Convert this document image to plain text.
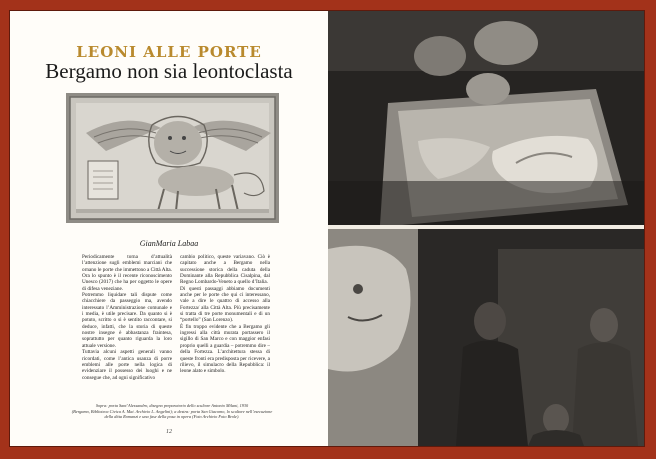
LEONI ALLE PORTE
Bergamo non sia leontoclasta
GianMaria Labaa
Periodicamente torna d’attualità l’attenzione sugli emblemi marciani che ornano le porte che immettono a Città Alta. Ora lo spunto è il recente riconoscimento Unesco (2017) che ha per oggetto le opere di difesa veneziane.
Potremmo liquidare tali dispute come chiacchiere da passeggio ma, avendo interessato l’Amministrazione comunale e i media, è utile precisare. Da quanto si è potuto, scritto o si è sentito raccontare, si deduce, infatti, che la storia di queste nostre insegne è abbastanza fraintesa, soprattutto per quanto riguarda la loro attuale versione.
Tuttavia alcuni aspetti generali vanno ricordati, come l’antica usanza di porre emblemi alle porte nella logica di evidenziare il possesso dei luoghi e ne consegue che, ad ogni significativo
cambio politico, queste variavano. Ciò è capitato anche a Bergamo nella successione storica della caduta della Dominante alla Repubblica Cisalpina, dal Regno Lombardo-Veneto a quello d’Italia.
Di questi passaggi abbiamo documenti anche per le porte che qui ci interessano, vale a dire le quattro di accesso alla Fortezza/ alla Città Alta. Più precisamente si tratta di tre porte monumentali e di un “portello” (San Lorenzo).
È fin troppo evidente che a Bergamo gli ingressi alla città murata portassero il sigillo di San Marco e con maggior enfasi proprio quelli a guardia – potremmo dire – della Fortezza. L’architettura stessa di queste fronti era predisposta per ricevere, a rilievo, il simulacro della Repubblica: il leone alato e simbolo.
Sopra: porta Sant’Alessandro, disegno preparatorio dello scultore Antonio Milani, 1930
(Bergamo, Biblioteca Civica A. Mai. Archivio L. Angelini); a destra: porta San Giacomo, lo scultore nell’esecuzione
della ditta Romanzi e una fase della posa in opera (Foto Archivio Foto Brole).
12
